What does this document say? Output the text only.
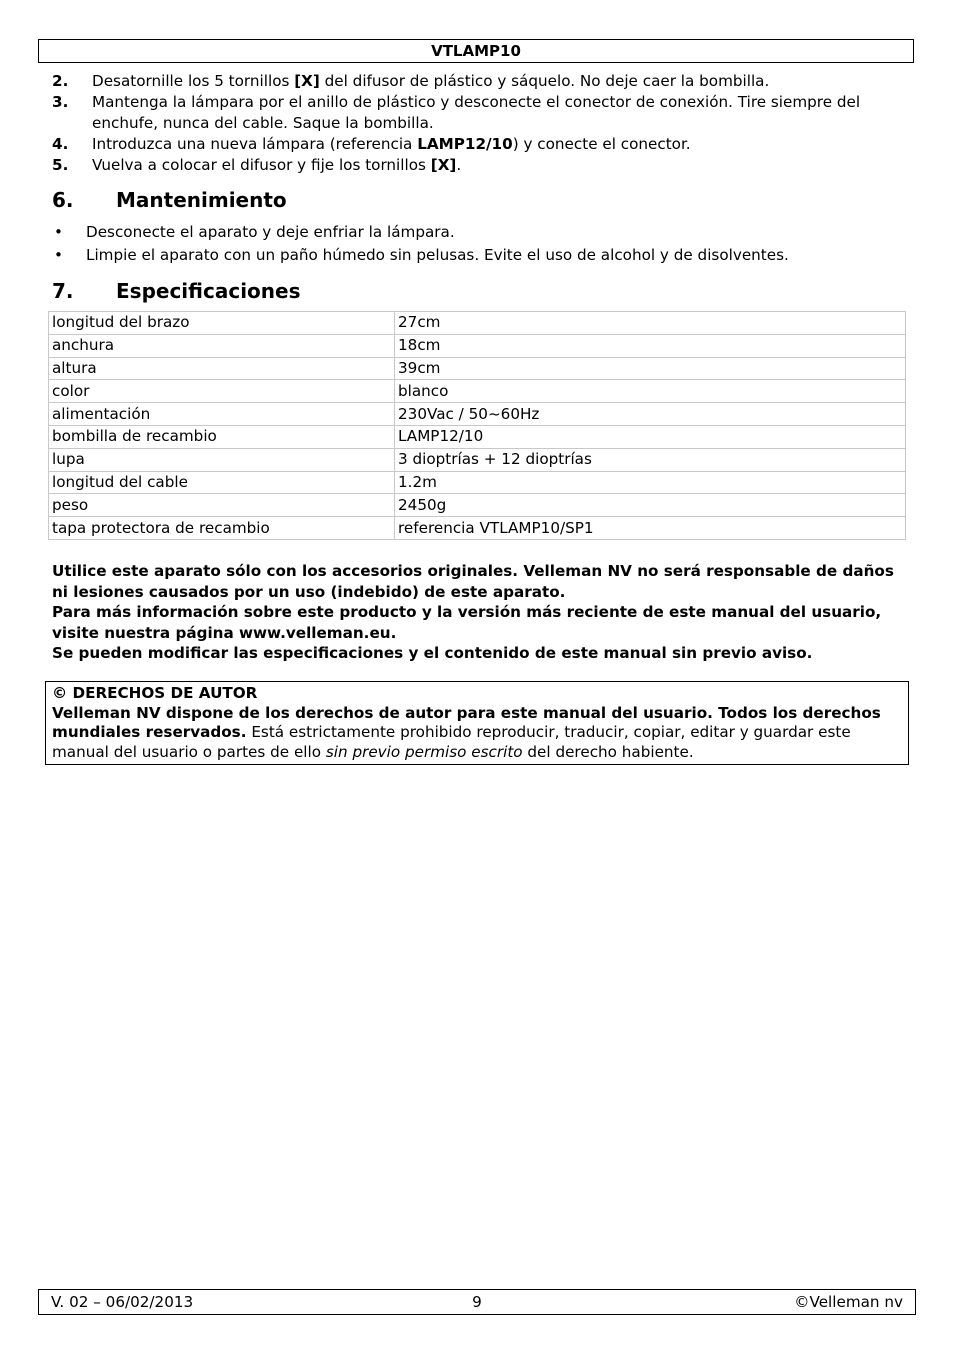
VTLAMP10
2.	Desatornille los 5 tornillos [X] del difusor de plástico y sáquelo. No deje caer la bombilla.
3.	Mantenga la lámpara por el anillo de plástico y desconecte el conector de conexión. Tire siempre del enchufe, nunca del cable. Saque la bombilla.
4.	Introduzca una nueva lámpara (referencia LAMP12/10) y conecte el conector.
5.	Vuelva a colocar el difusor y fije los tornillos [X].
6.	Mantenimiento
•	Desconecte el aparato y deje enfriar la lámpara.
•	Limpie el aparato con un paño húmedo sin pelusas. Evite el uso de alcohol y de disolventes.
7.	Especificaciones
longitud del brazo	27cm
anchura	18cm
altura	39cm
color	blanco
alimentación	230Vac / 50~60Hz
bombilla de recambio	LAMP12/10
lupa	3 dioptrías + 12 dioptrías
longitud del cable	1.2m
peso	2450g
tapa protectora de recambio	referencia VTLAMP10/SP1

Utilice este aparato sólo con los accesorios originales. Velleman NV no será responsable de daños ni lesiones causados por un uso (indebido) de este aparato.

Para más información sobre este producto y la versión más reciente de este manual del usuario, visite nuestra página www.velleman.eu.

Se pueden modificar las especificaciones y el contenido de este manual sin previo aviso.

© DERECHOS DE AUTOR

Velleman NV dispone de los derechos de autor para este manual del usuario. Todos los derechos mundiales reservados. Está estrictamente prohibido reproducir, traducir, copiar, editar y guardar este manual del usuario o partes de ello sin previo permiso escrito del derecho habiente.

V. 02 – 06/02/2013	9	©Velleman nv
